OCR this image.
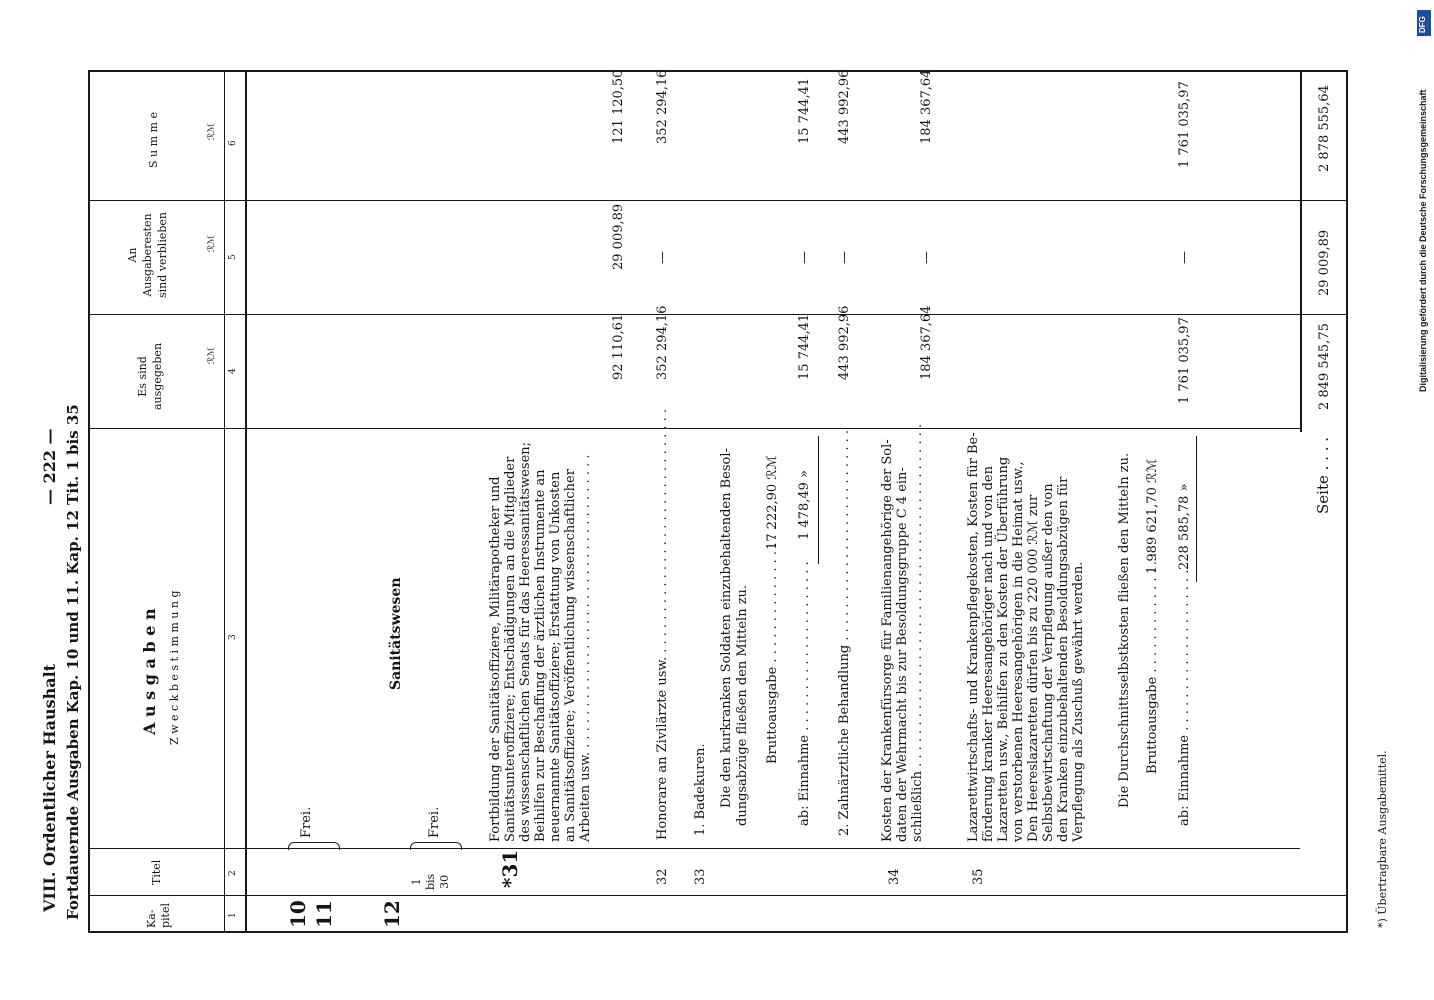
VIII. Ordentlicher Haushalt
— 222 — Fortdauernde Ausgaben Kap. 10 und 11. Kap. 12 Tit. 1 bis 35
Digitalisierung gefördert durch die Deutsche Forschungsgemeinschaft
DFG
Ka-
pitel
Titel
A u s g a b e n Z w e c k b e s t i m m u n g
Es sind
ausgegeben
An
Ausgaberesten
sind verblieben
S u m m e
ℛℳ
ℛℳ
ℛℳ
1
2
3
4
5
6
10 11 12
Frei.
1
bis
30
Frei.
Sanitätswesen
*31
Fortbildung der Sanitätsoffiziere, Militärapotheker und Sanitätsunteroffiziere; Entschädigungen an die Mitglieder des wissenschaftlichen Senats für das Heeressanitätswesen; Beihilfen zur Beschaffung der ärztlichen Instrumente an neuernannte Sanitätsoffiziere; Erstattung von Unkosten an Sanitätsoffiziere; Veröffentlichung wissenschaftlicher Arbeiten usw. . . . . . . . . . . . . . . . . . . . . . . . . . . . . . . . . . . . .
92 110,61
29 009,89
121 120,50
32
Honorare an Zivilärzte usw. . . . . . . . . . . . . . . . . . . . . . . . . . . . . . .
352 294,16
—
352 294,16
33
1. Badekuren. Die den kurkranken Soldaten einzubehaltenden Besol- dungsabzüge fließen den Mitteln zu. Bruttoausgabe . . . . . . . . . . . . . . . . .
17 222,90 ℛℳ
ab: Einnahme . . . . . . . . . . . . . . . . . . . . .
1 478,49 »
15 744,41
—
15 744,41
2. Zahnärztliche Behandlung . . . . . . . . . . . . . . . . . . . . . . . . . .
443 992,96
—
443 992,96
34
Kosten der Krankenfürsorge für Familienangehörige der Sol- daten der Wehrmacht bis zur Besoldungsgruppe C 4 ein- schließlich . . . . . . . . . . . . . . . . . . . . . . . . . . . . . . . . . . . . . . . . . .
184 367,64
—
184 367,64
35
Lazarettwirtschafts- und Krankenpflegekosten, Kosten für Be- förderung kranker Heeresangehöriger nach und von den Lazaretten usw., Beihilfen zu den Kosten der Überführung von verstorbenen Heeresangehörigen in die Heimat usw., Den Heereslazaretten dürfen bis zu 220 000 ℛℳ zur Selbstbewirtschaftung der Verpflegung außer den von den Kranken einzubehaltenden Besoldungsabzügen für Verpflegung als Zuschuß gewährt werden. Die Durchschnittsselbstkosten fließen den Mitteln zu. Bruttoausgabe . . . . . . . . . . . . . . .
1 989 621,70 ℛℳ
ab: Einnahme . . . . . . . . . . . . . . . . . . . .
228 585,78 »
1 761 035,97
—
1 761 035,97
Seite . . . .
2 849 545,75
29 009,89
2 878 555,64
*) Übertragbare Ausgabemittel.
